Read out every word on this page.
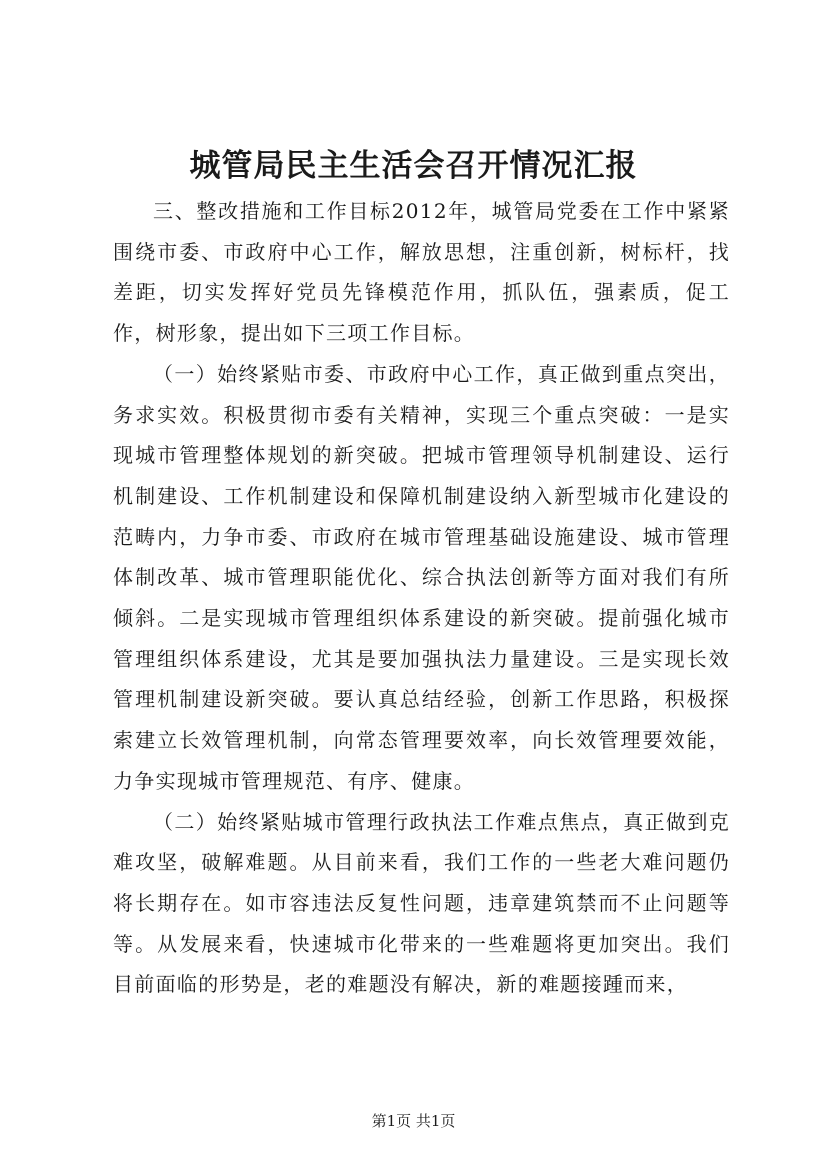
城管局民主生活会召开情况汇报

三、整改措施和工作目标2012年，城管局党委在工作中紧紧围绕市委、市政府中心工作，解放思想，注重创新，树标杆，找差距，切实发挥好党员先锋模范作用，抓队伍，强素质，促工作，树形象，提出如下三项工作目标。

（一）始终紧贴市委、市政府中心工作，真正做到重点突出，务求实效。积极贯彻市委有关精神，实现三个重点突破：一是实现城市管理整体规划的新突破。把城市管理领导机制建设、运行机制建设、工作机制建设和保障机制建设纳入新型城市化建设的范畴内，力争市委、市政府在城市管理基础设施建设、城市管理体制改革、城市管理职能优化、综合执法创新等方面对我们有所倾斜。二是实现城市管理组织体系建设的新突破。提前强化城市管理组织体系建设，尤其是要加强执法力量建设。三是实现长效管理机制建设新突破。要认真总结经验，创新工作思路，积极探索建立长效管理机制，向常态管理要效率，向长效管理要效能，力争实现城市管理规范、有序、健康。

（二）始终紧贴城市管理行政执法工作难点焦点，真正做到克难攻坚，破解难题。从目前来看，我们工作的一些老大难问题仍将长期存在。如市容违法反复性问题，违章建筑禁而不止问题等等。从发展来看，快速城市化带来的一些难题将更加突出。我们目前面临的形势是，老的难题没有解决，新的难题接踵而来，

第1页 共1页
